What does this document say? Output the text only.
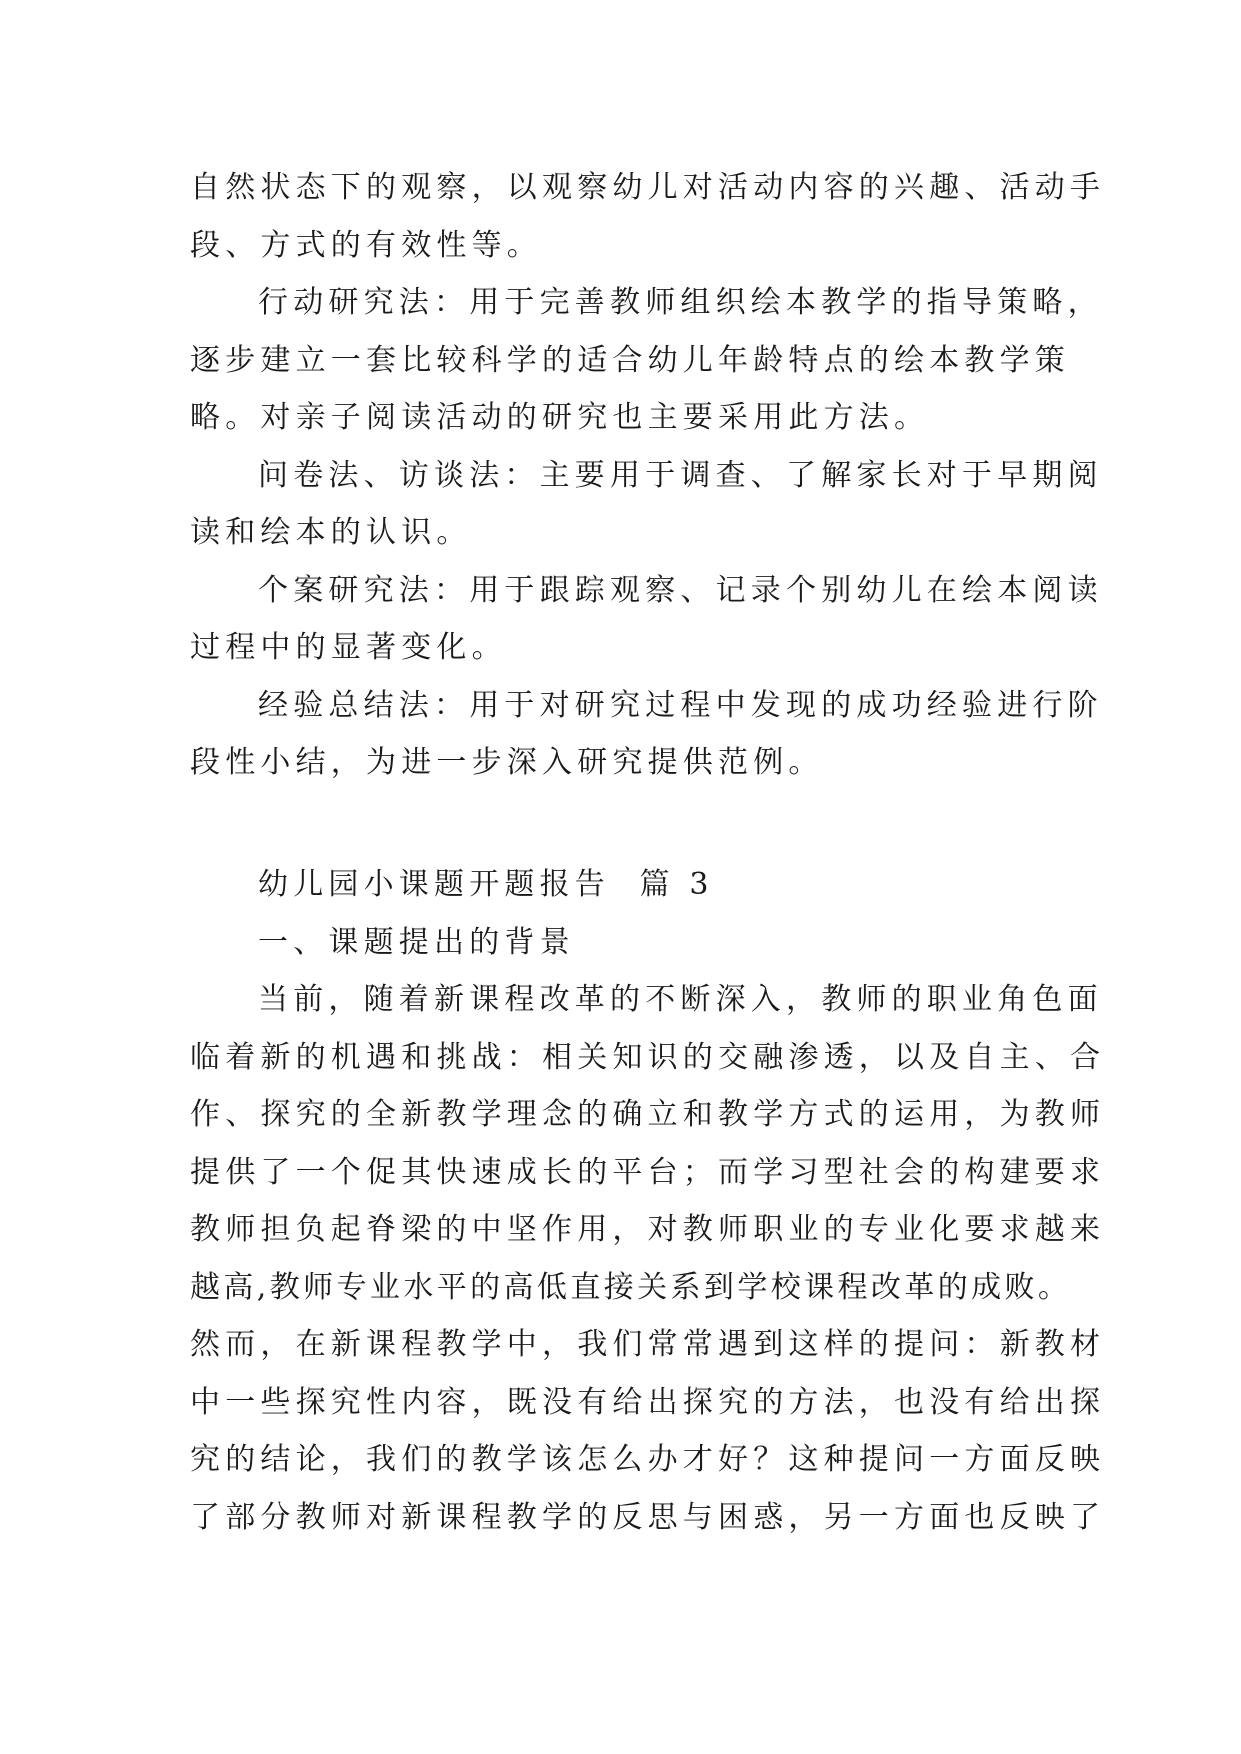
自然状态下的观察，以观察幼儿对活动内容的兴趣、活动手
段、方式的有效性等。
行动研究法：用于完善教师组织绘本教学的指导策略，
逐步建立一套比较科学的适合幼儿年龄特点的绘本教学策
略。对亲子阅读活动的研究也主要采用此方法。
问卷法、访谈法：主要用于调查、了解家长对于早期阅
读和绘本的认识。
个案研究法：用于跟踪观察、记录个别幼儿在绘本阅读
过程中的显著变化。
经验总结法：用于对研究过程中发现的成功经验进行阶
段性小结，为进一步深入研究提供范例。
幼儿园小课题开题报告  篇 3
一、课题提出的背景
当前，随着新课程改革的不断深入，教师的职业角色面
临着新的机遇和挑战：相关知识的交融渗透，以及自主、合
作、探究的全新教学理念的确立和教学方式的运用，为教师
提供了一个促其快速成长的平台；而学习型社会的构建要求
教师担负起脊梁的中坚作用，对教师职业的专业化要求越来
越高,教师专业水平的高低直接关系到学校课程改革的成败。
然而，在新课程教学中，我们常常遇到这样的提问：新教材
中一些探究性内容，既没有给出探究的方法，也没有给出探
究的结论，我们的教学该怎么办才好？这种提问一方面反映
了部分教师对新课程教学的反思与困惑，另一方面也反映了
